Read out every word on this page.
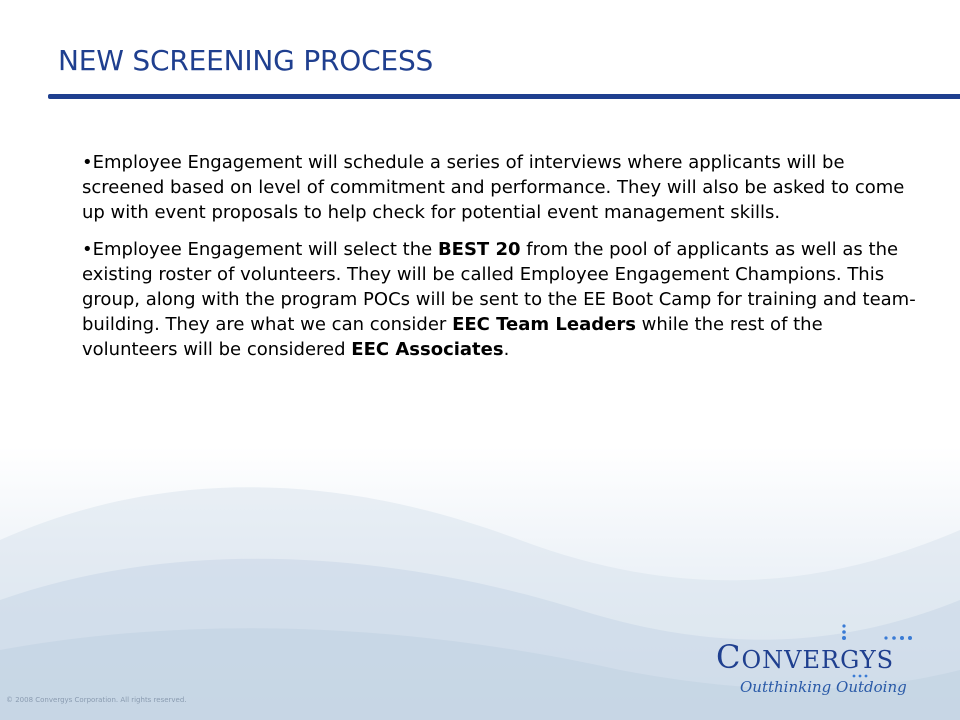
NEW SCREENING PROCESS

•Employee Engagement will schedule a series of interviews where applicants will be screened based on level of commitment and performance. They will also be asked to come up with event proposals to help check for potential event management skills.

•Employee Engagement will select the BEST 20 from the pool of applicants as well as the existing roster of volunteers. They will be called Employee Engagement Champions. This group, along with the program POCs will be sent to the EE Boot Camp for training and team-building. They are what we can consider EEC Team Leaders while the rest of the volunteers will be considered EEC Associates.

© 2008 Convergys Corporation. All rights reserved.
CONVERGYS
Outthinking Outdoing
